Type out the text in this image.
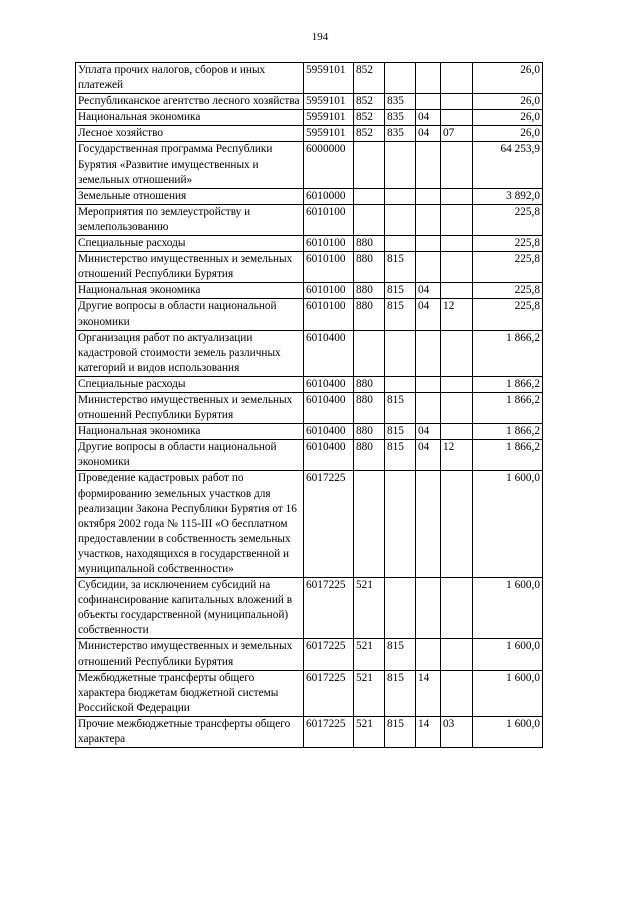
194
Уплата прочих налогов, сборов и иных платежей	5959101	852				26,0
Республиканское агентство лесного хозяйства	5959101	852	835			26,0
Национальная экономика	5959101	852	835	04		26,0
Лесное хозяйство	5959101	852	835	04	07	26,0
Государственная программа Республики Бурятия «Развитие имущественных и земельных отношений»	6000000					64 253,9
Земельные отношения	6010000					3 892,0
Мероприятия по землеустройству и землепользованию	6010100					225,8
Специальные расходы	6010100	880				225,8
Министерство имущественных и земельных отношений Республики Бурятия	6010100	880	815			225,8
Национальная экономика	6010100	880	815	04		225,8
Другие вопросы в области национальной экономики	6010100	880	815	04	12	225,8
Организация работ по актуализации кадастровой стоимости земель различных категорий и видов использования	6010400					1 866,2
Специальные расходы	6010400	880				1 866,2
Министерство имущественных и земельных отношений Республики Бурятия	6010400	880	815			1 866,2
Национальная экономика	6010400	880	815	04		1 866,2
Другие вопросы в области национальной экономики	6010400	880	815	04	12	1 866,2
Проведение кадастровых работ по формированию земельных участков для реализации Закона Республики Бурятия от 16 октября 2002 года № 115-III «О бесплатном предоставлении в собственность земельных участков, находящихся в государственной и муниципальной собственности»	6017225					1 600,0
Субсидии, за исключением субсидий на софинансирование капитальных вложений в объекты государственной (муниципальной) собственности	6017225	521				1 600,0
Министерство имущественных и земельных отношений Республики Бурятия	6017225	521	815			1 600,0
Межбюджетные трансферты общего характера бюджетам бюджетной системы Российской Федерации	6017225	521	815	14		1 600,0
Прочие межбюджетные трансферты общего характера	6017225	521	815	14	03	1 600,0
